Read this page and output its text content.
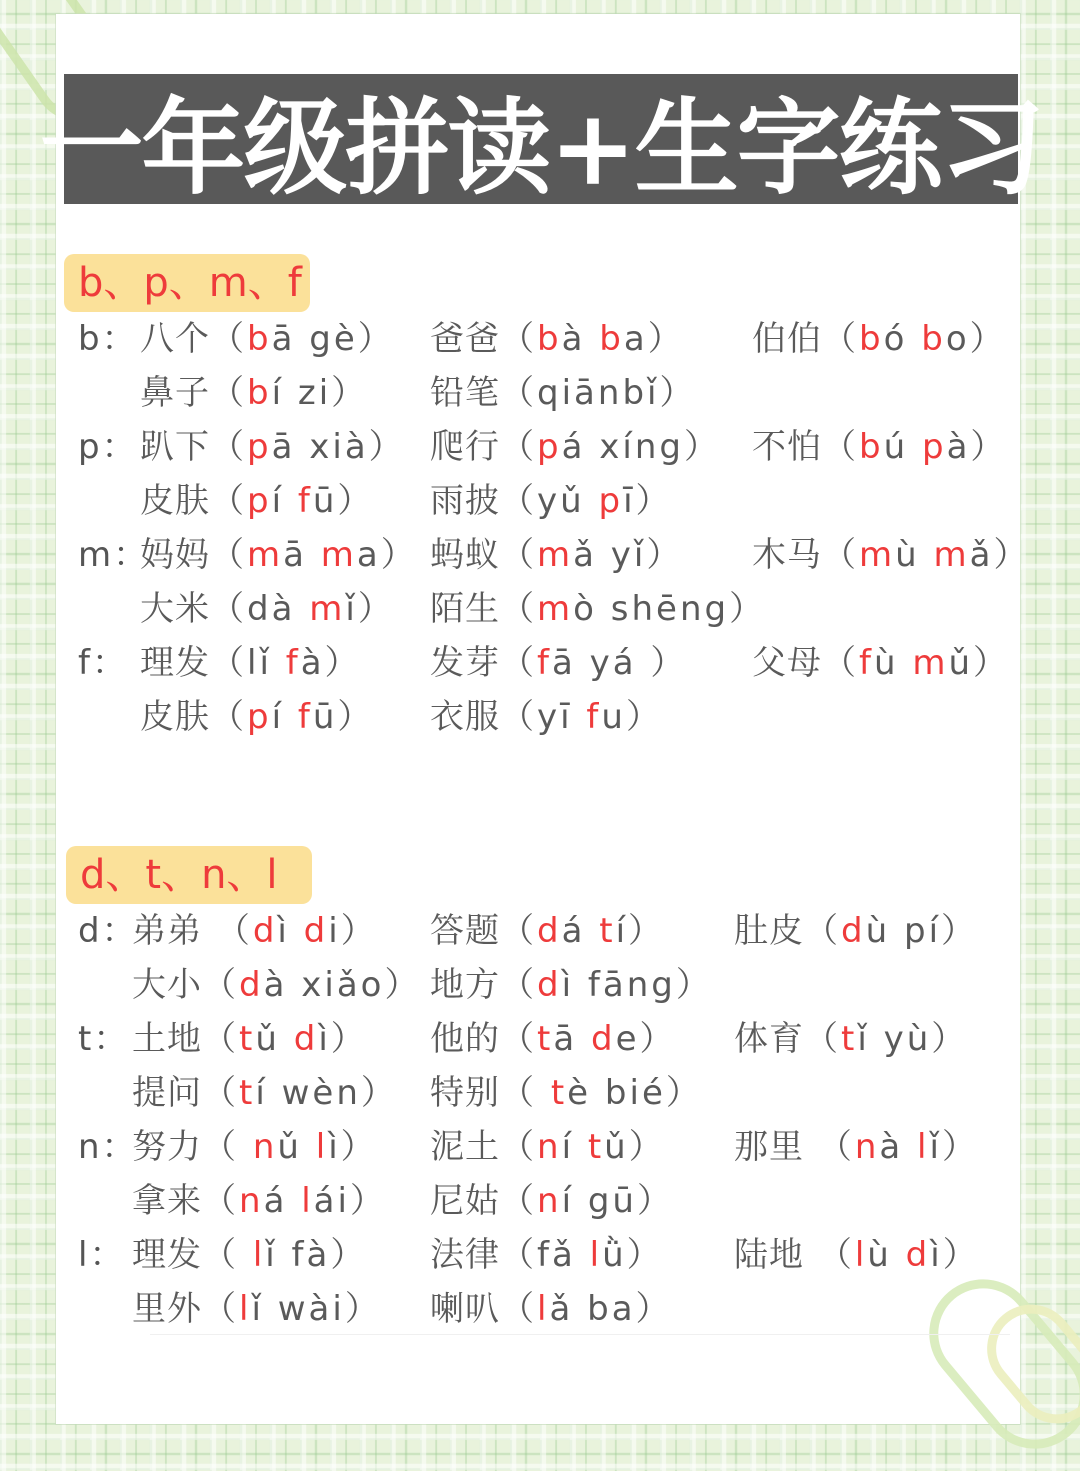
一年级拼读+生字练习
b、p、m、f
d、t、n、l
b： 八个（bā gè） 爸爸（bà ba） 伯伯（bó bo）
鼻子（bí zi） 铅笔（qiānbǐ）
p： 趴下（pā xià） 爬行（pá xíng） 不怕（bú pà）
皮肤（pí fū） 雨披（yǔ pī）
m：
妈妈（mā ma） 蚂蚁（mǎ yǐ） 木马（mù mǎ）
大米（dà mǐ） 陌生（mò shēng）
f： 理发（lǐ fà） 发芽（fā yá ） 父母（fù mǔ）
皮肤（pí fū） 衣服（yī fu）
d：
弟弟 （dì di） 答题（dá tí） 肚皮（dù pí）
大小（dà xiǎo） 地方（dì fāng）
t： 土地（tǔ dì） 他的（tā de） 体育（tǐ yù）
提问（tí wèn） 特别（ tè bié）
n：
努力（ nǔ lì） 泥土（ní tǔ） 那里 （nà lǐ）
拿来（ná lái） 尼姑（ní gū）
l： 理发（ lǐ fà） 法律（fǎ lǜ） 陆地 （lù dì）
里外（lǐ wài） 喇叭（lǎ ba）
